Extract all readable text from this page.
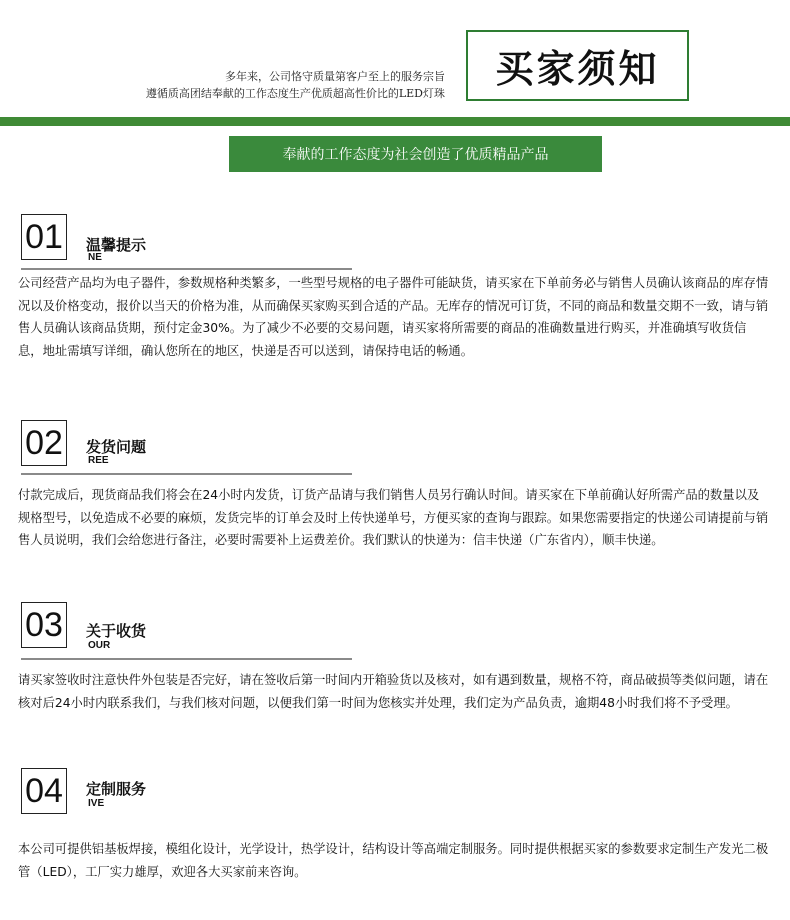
多年来，公司恪守质量第客户至上的服务宗旨
遵循质高团结奉献的工作态度生产优质超高性价比的LED灯珠
买家须知
奉献的工作态度为社会创造了优质精品产品
01 温馨提示
NE
公司经营产品均为电子器件，参数规格种类繁多，一些型号规格的电子器件可能缺货，请买家在下单前务必与销售人员确认该商品的库存情况以及价格变动，报价以当天的价格为准，从而确保买家购买到合适的产品。无库存的情况可订货，不同的商品和数量交期不一致，请与销售人员确认该商品货期，预付定金30%。为了减少不必要的交易问题，请买家将所需要的商品的准确数量进行购买，并准确填写收货信息，地址需填写详细，确认您所在的地区，快递是否可以送到，请保持电话的畅通。
02 发货问题
REE
付款完成后，现货商品我们将会在24小时内发货，订货产品请与我们销售人员另行确认时间。请买家在下单前确认好所需产品的数量以及规格型号，以免造成不必要的麻烦，发货完毕的订单会及时上传快递单号，方便买家的查询与跟踪。如果您需要指定的快递公司请提前与销售人员说明，我们会给您进行备注，必要时需要补上运费差价。我们默认的快递为：信丰快递（广东省内），顺丰快递。
03 关于收货
OUR
请买家签收时注意快件外包装是否完好，请在签收后第一时间内开箱验货以及核对，如有遇到数量，规格不符，商品破损等类似问题，请在核对后24小时内联系我们，与我们核对问题，以便我们第一时间为您核实并处理，我们定为产品负责，逾期48小时我们将不予受理。
04 定制服务
IVE
本公司可提供铝基板焊接，模组化设计，光学设计，热学设计，结构设计等高端定制服务。同时提供根据买家的参数要求定制生产发光二极管（LED），工厂实力雄厚，欢迎各大买家前来咨询。
